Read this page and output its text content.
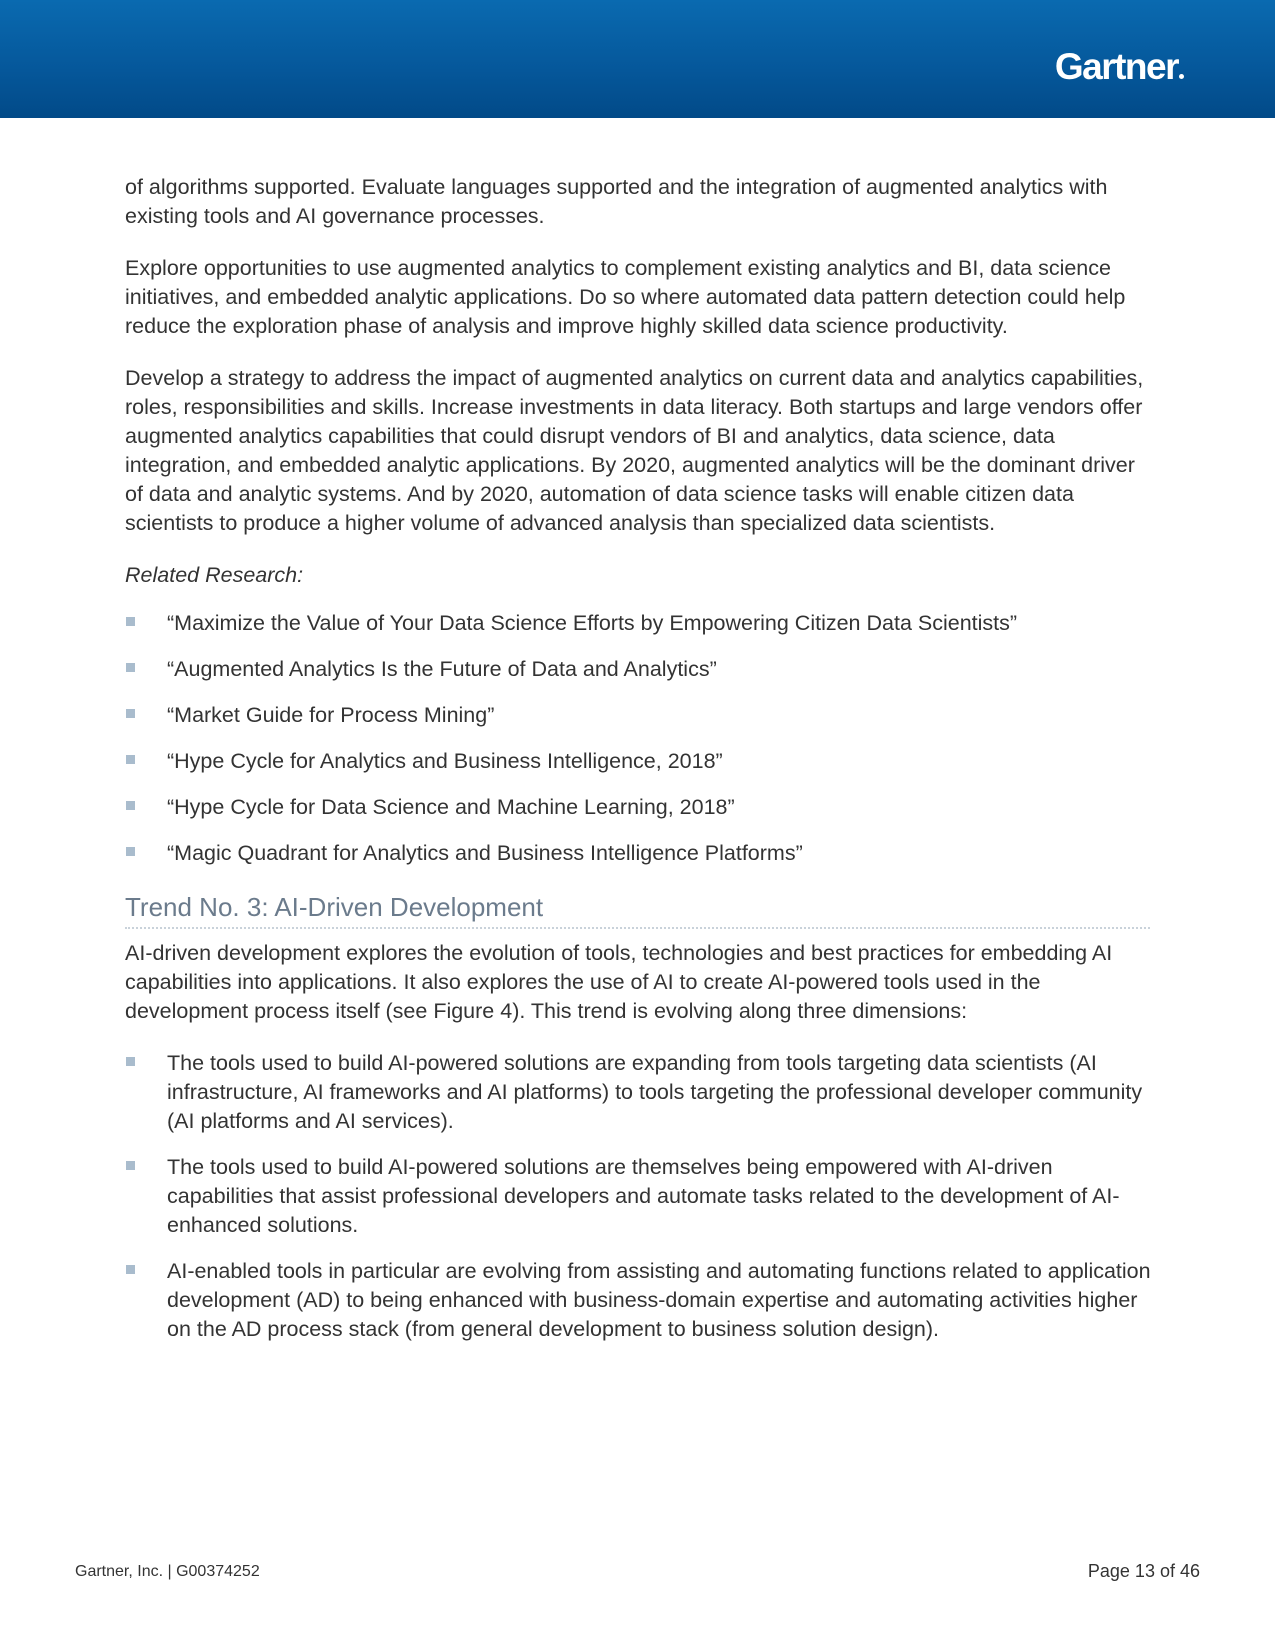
Gartner

of algorithms supported. Evaluate languages supported and the integration of augmented analytics with existing tools and AI governance processes.

Explore opportunities to use augmented analytics to complement existing analytics and BI, data science initiatives, and embedded analytic applications. Do so where automated data pattern detection could help reduce the exploration phase of analysis and improve highly skilled data science productivity.

Develop a strategy to address the impact of augmented analytics on current data and analytics capabilities, roles, responsibilities and skills. Increase investments in data literacy. Both startups and large vendors offer augmented analytics capabilities that could disrupt vendors of BI and analytics, data science, data integration, and embedded analytic applications. By 2020, augmented analytics will be the dominant driver of data and analytic systems. And by 2020, automation of data science tasks will enable citizen data scientists to produce a higher volume of advanced analysis than specialized data scientists.

Related Research:

“Maximize the Value of Your Data Science Efforts by Empowering Citizen Data Scientists”
“Augmented Analytics Is the Future of Data and Analytics”
“Market Guide for Process Mining”
“Hype Cycle for Analytics and Business Intelligence, 2018”
“Hype Cycle for Data Science and Machine Learning, 2018”
“Magic Quadrant for Analytics and Business Intelligence Platforms”
Trend No. 3: AI-Driven Development

AI-driven development explores the evolution of tools, technologies and best practices for embedding AI capabilities into applications. It also explores the use of AI to create AI-powered tools used in the development process itself (see Figure 4). This trend is evolving along three dimensions:

The tools used to build AI-powered solutions are expanding from tools targeting data scientists (AI infrastructure, AI frameworks and AI platforms) to tools targeting the professional developer community (AI platforms and AI services).
The tools used to build AI-powered solutions are themselves being empowered with AI-driven capabilities that assist professional developers and automate tasks related to the development of AI-enhanced solutions.
AI-enabled tools in particular are evolving from assisting and automating functions related to application development (AD) to being enhanced with business-domain expertise and automating activities higher on the AD process stack (from general development to business solution design).
Gartner, Inc. | G00374252	Page 13 of 46
